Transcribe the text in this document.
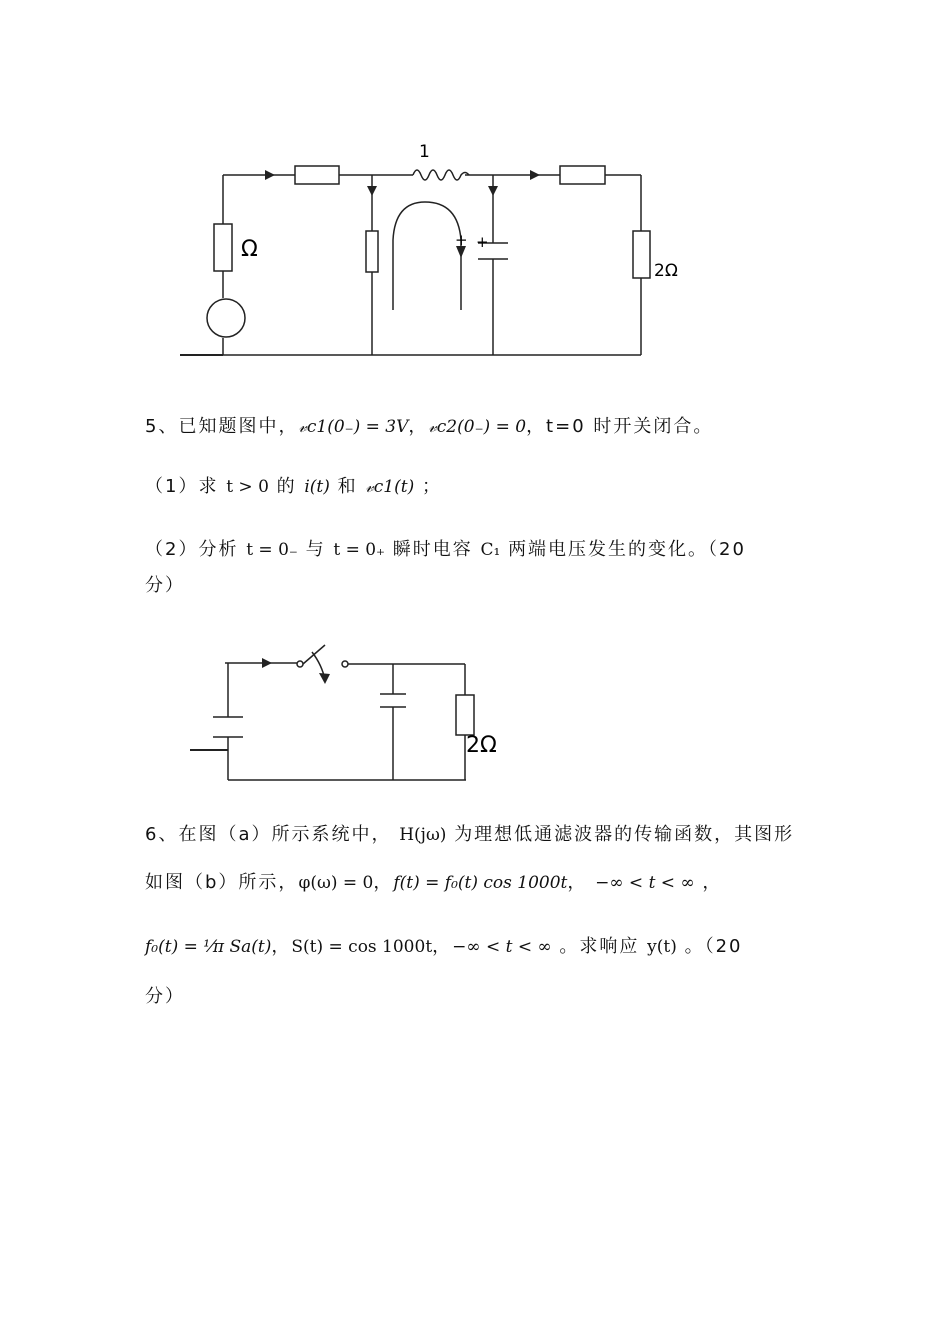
1
Ω
2Ω
+
+
5、已知题图中，𝓋c1(0₋) = 3V，𝓋c2(0₋) = 0，t=0 时开关闭合。
（1）求 t > 0 的 𝑖(t) 和 𝓋c1(t) ；
（2）分析 t = 0₋ 与 t = 0₊ 瞬时电容 C₁ 两端电压发生的变化。（20
分）
2Ω
6、在图（a）所示系统中， H(jω) 为理想低通滤波器的传输函数，其图形
如图（b）所示，φ(ω) = 0，𝑓(t) = 𝑓₀(t) cos 1000t， −∞ < 𝑡 < ∞ ，
𝑓₀(t) = ¹⁄π Sa(t)，S(t) = cos 1000t，−∞ < 𝑡 < ∞ 。求响应 y(t) 。（20
分）
